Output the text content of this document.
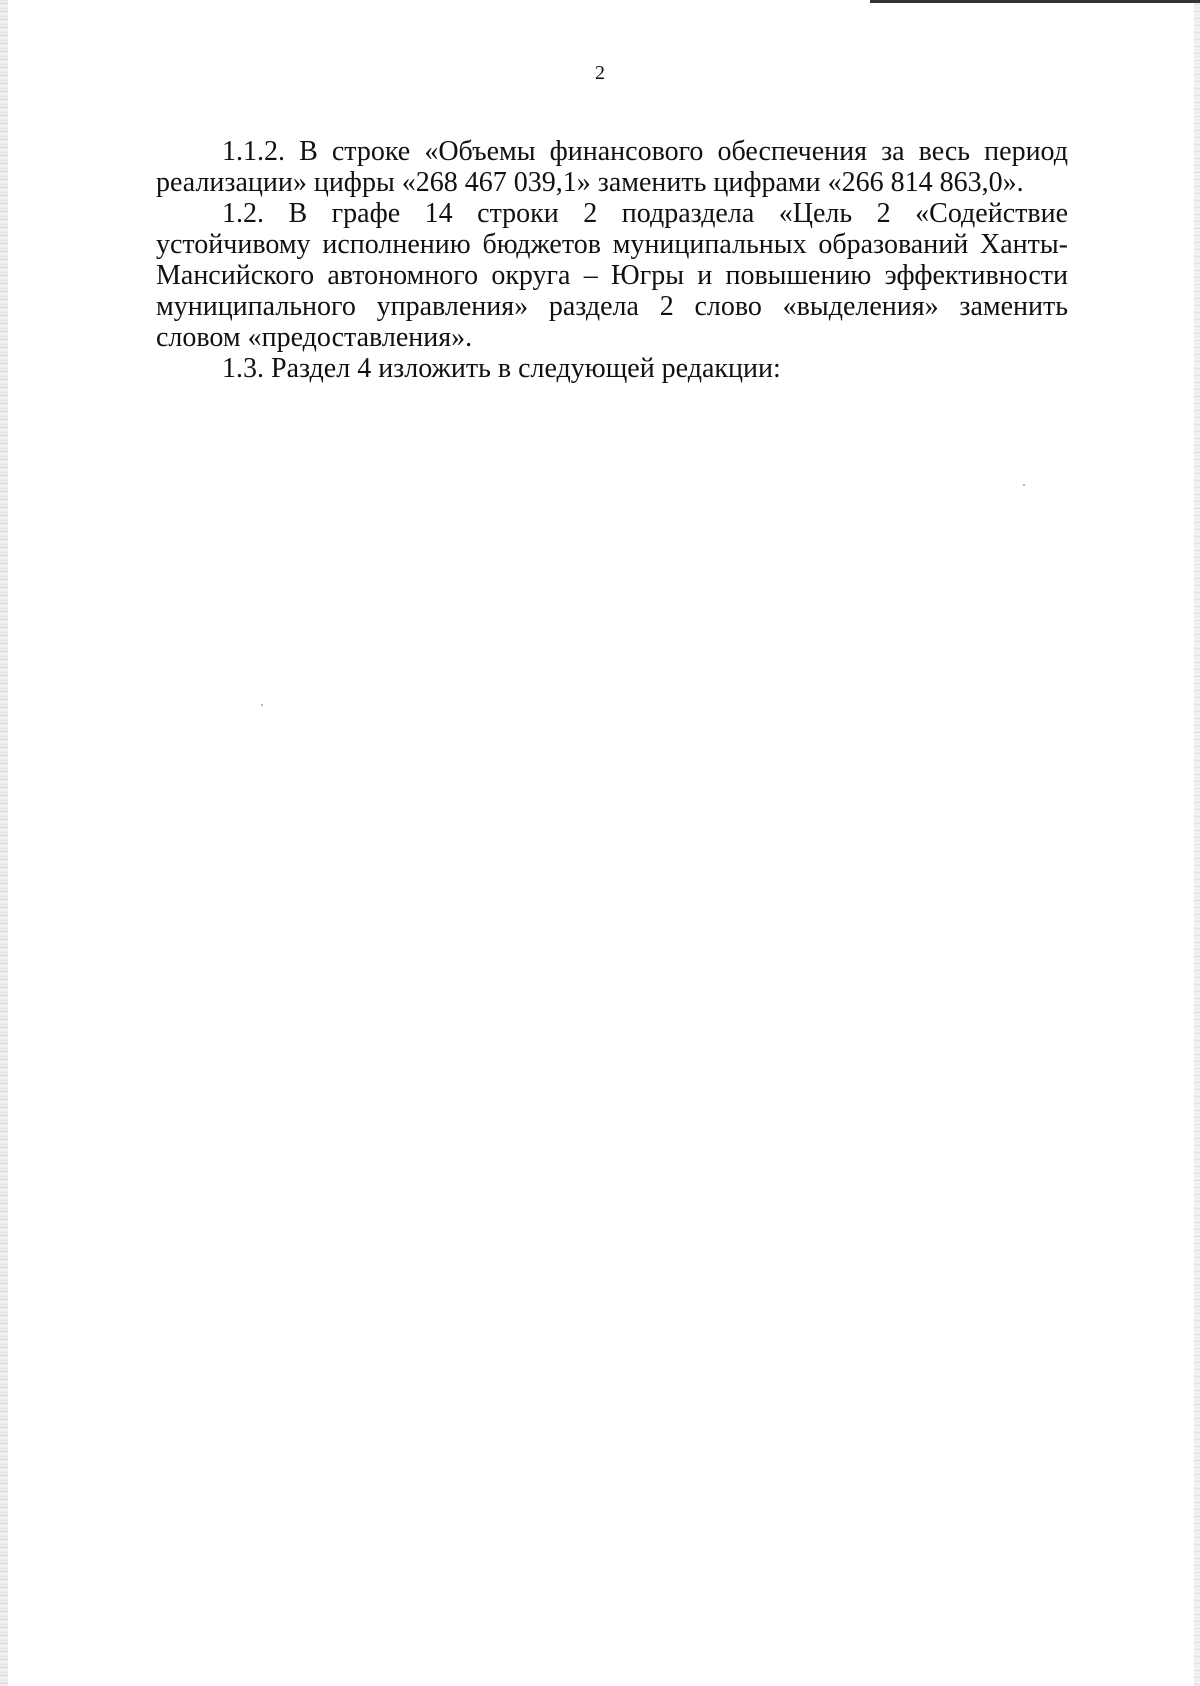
2

1.1.2. В строке «Объемы финансового обеспечения за весь период реализации» цифры «268 467 039,1» заменить цифрами «266 814 863,0».

1.2. В графе 14 строки 2 подраздела «Цель 2 «Содействие устойчивому исполнению бюджетов муниципальных образований Ханты-Мансийского автономного округа – Югры и повышению эффективности муниципального управления» раздела 2 слово «выделения» заменить словом «предоставления».

1.3. Раздел 4 изложить в следующей редакции:
